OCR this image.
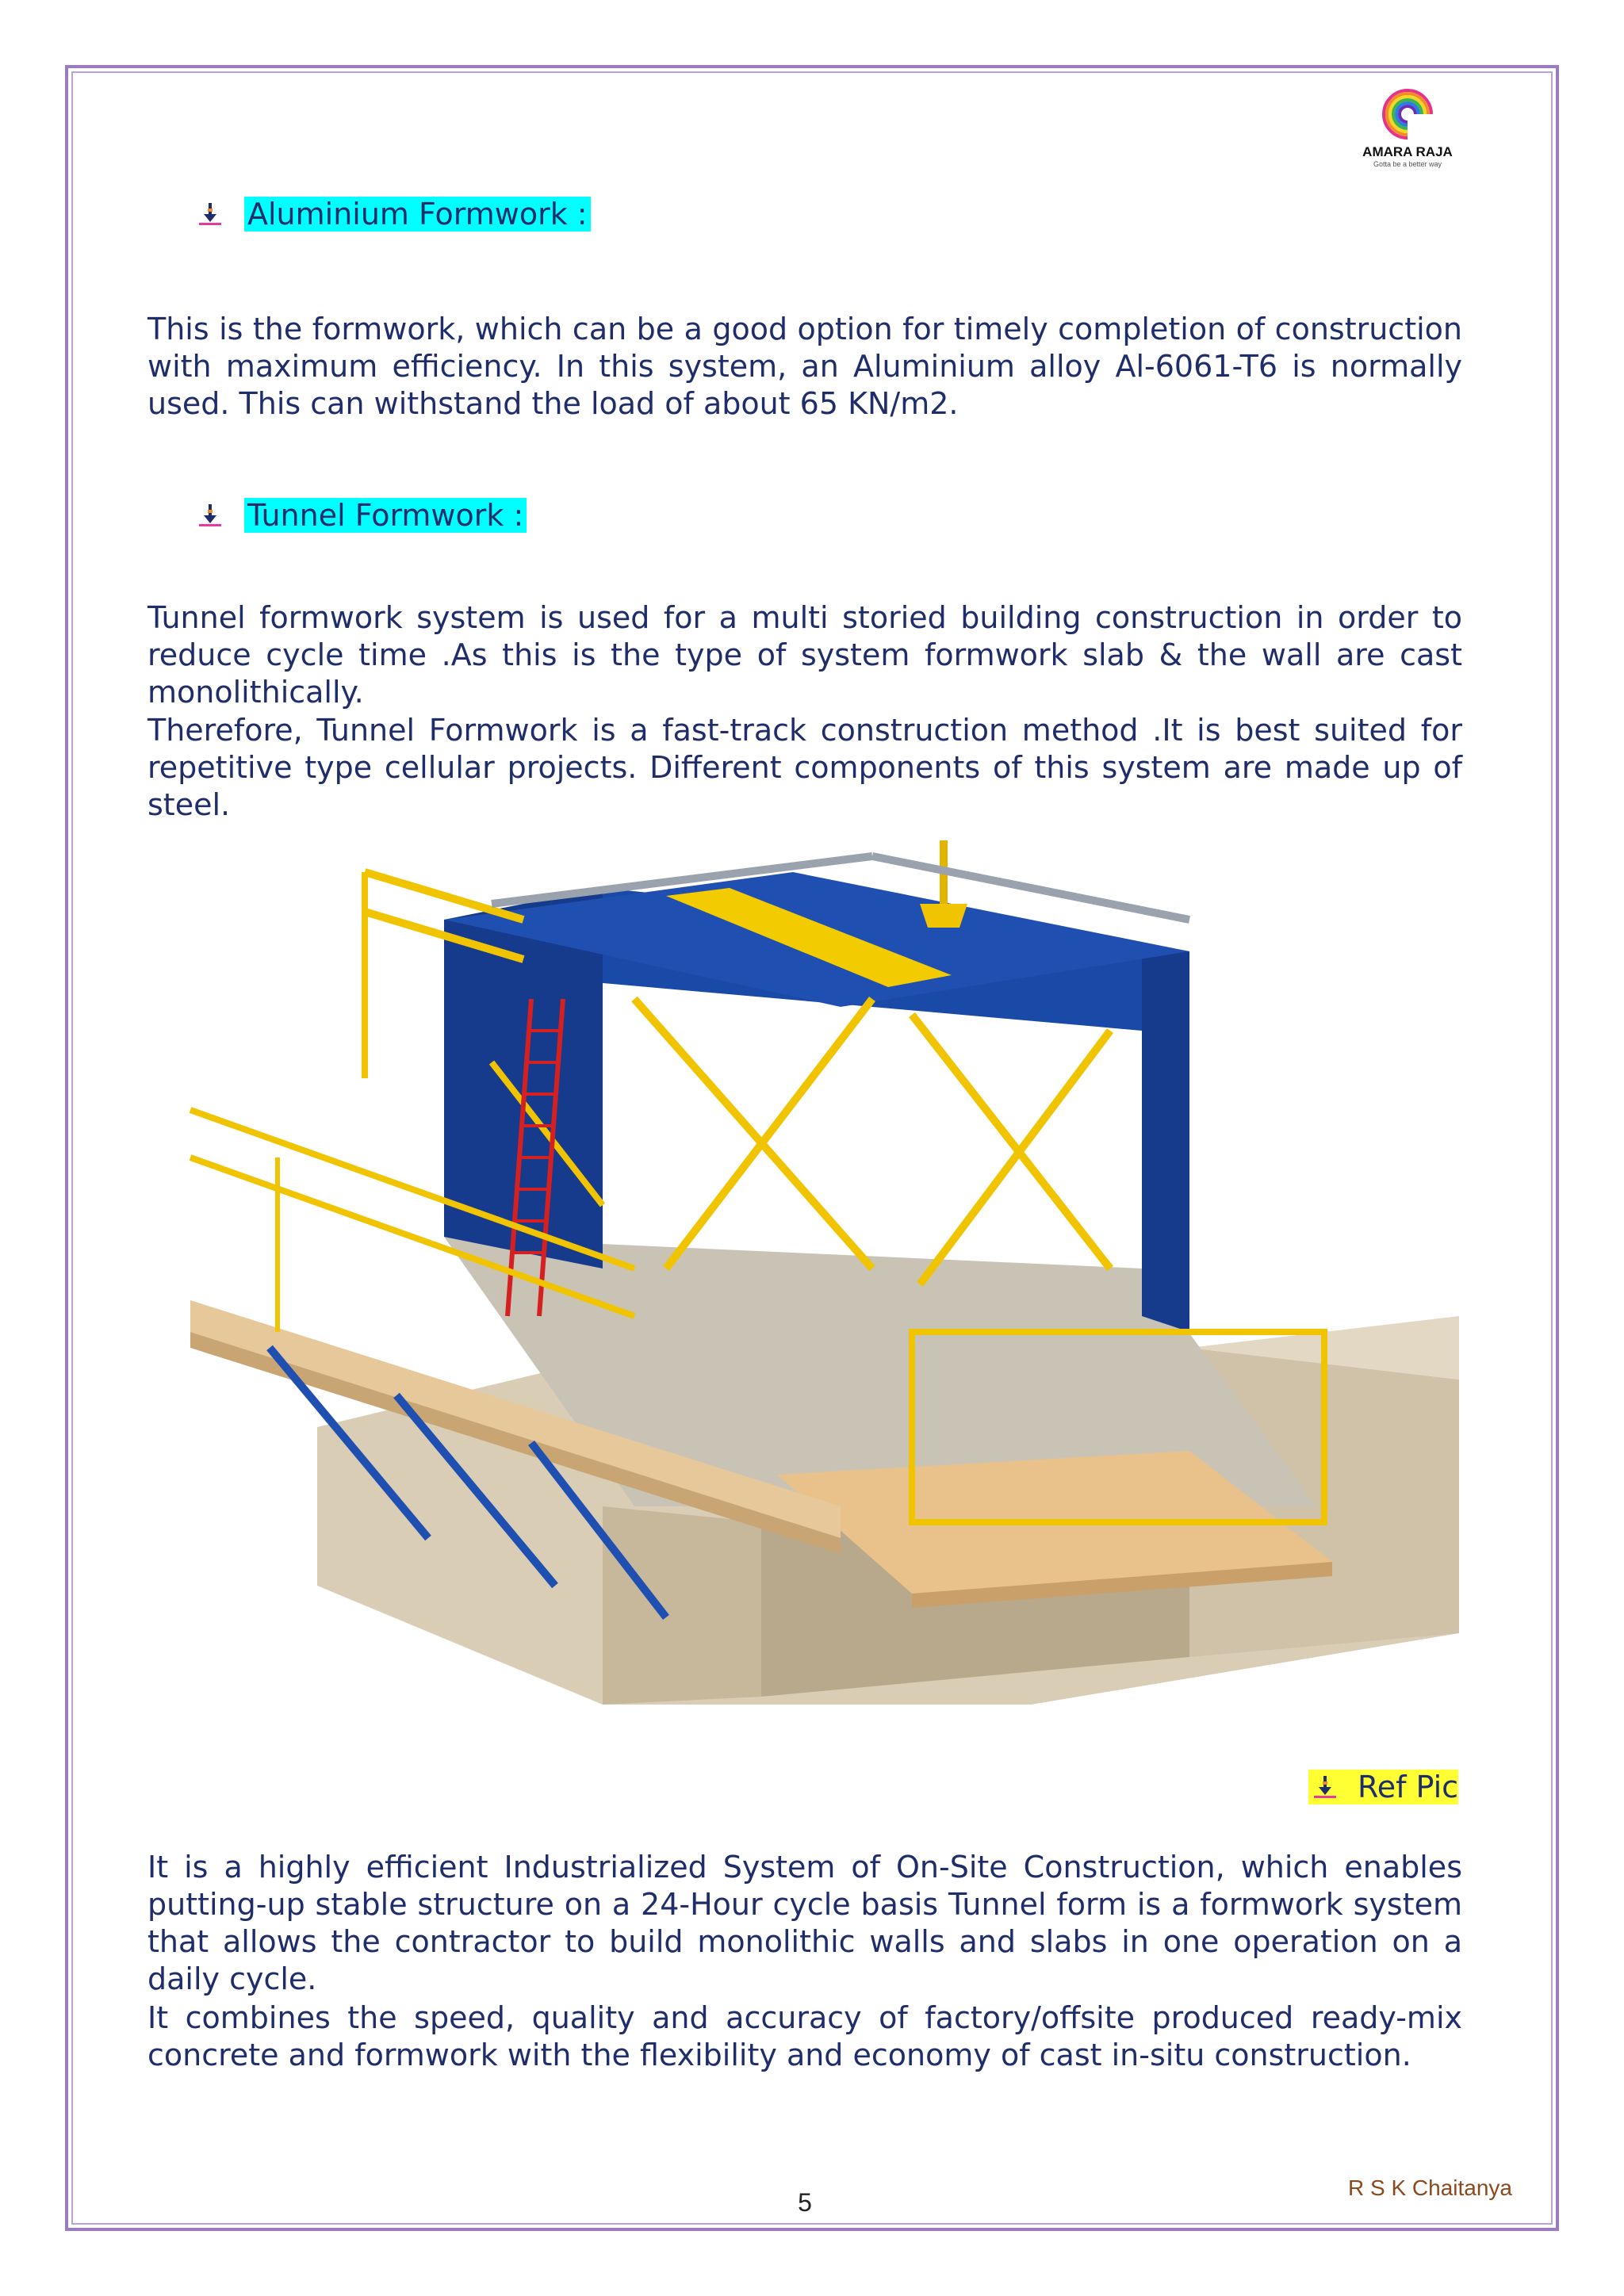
AMARA RAJA
Gotta be a better way
Aluminium Formwork :

This is the formwork, which can be a good option for timely completion of construction with maximum efficiency. In this system, an Aluminium alloy Al-6061-T6 is normally used. This can withstand the load of about 65 KN/m2.

Tunnel Formwork :

Tunnel formwork system is used for a multi storied building construction in order to reduce cycle time .As this is the type of system formwork slab & the wall are cast monolithically.

Therefore, Tunnel Formwork is a fast-track construction method .It is best suited for repetitive type cellular projects. Different components of this system are made up of steel.

Ref Pic

It is a highly efficient Industrialized System of On-Site Construction, which enables putting-up stable structure on a 24-Hour cycle basis Tunnel form is a formwork system that allows the contractor to build monolithic walls and slabs in one operation on a daily cycle.

It combines the speed, quality and accuracy of factory/offsite produced ready-mix concrete and formwork with the flexibility and economy of cast in-situ construction.

5
R S K Chaitanya
